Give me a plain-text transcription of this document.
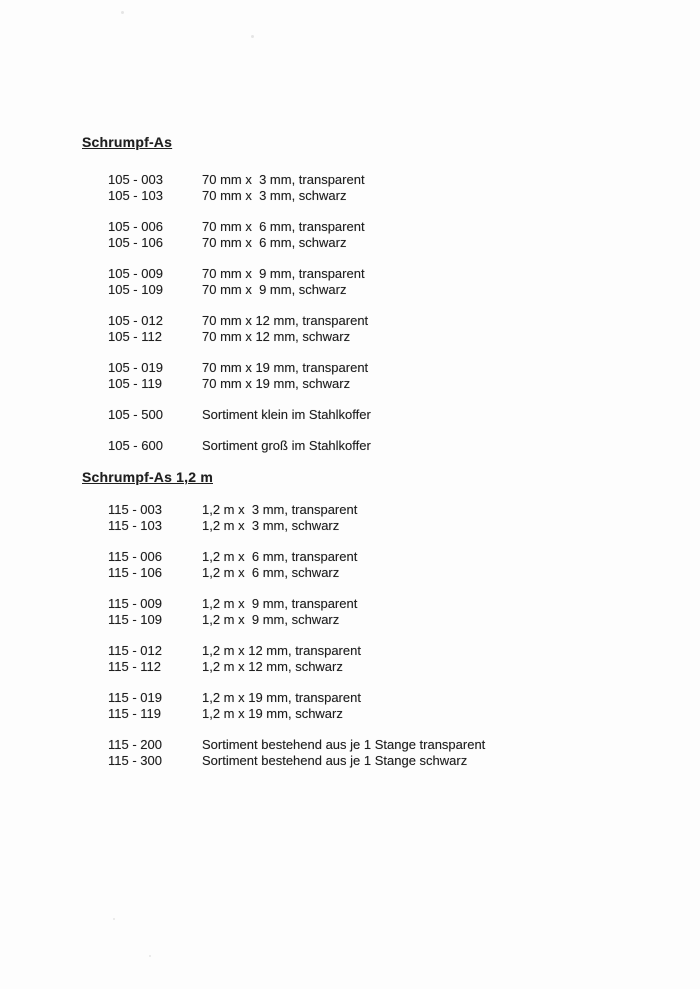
Schrumpf-As
105 - 003	70 mm x  3 mm, transparent
105 - 103	70 mm x  3 mm, schwarz
105 - 006	70 mm x  6 mm, transparent
105 - 106	70 mm x  6 mm, schwarz
105 - 009	70 mm x  9 mm, transparent
105 - 109	70 mm x  9 mm, schwarz
105 - 012	70 mm x 12 mm, transparent
105 - 112	70 mm x 12 mm, schwarz
105 - 019	70 mm x 19 mm, transparent
105 - 119	70 mm x 19 mm, schwarz
105 - 500	Sortiment klein im Stahlkoffer
105 - 600	Sortiment groß im Stahlkoffer
Schrumpf-As 1,2 m
115 - 003	1,2 m x  3 mm, transparent
115 - 103	1,2 m x  3 mm, schwarz
115 - 006	1,2 m x  6 mm, transparent
115 - 106	1,2 m x  6 mm, schwarz
115 - 009	1,2 m x  9 mm, transparent
115 - 109	1,2 m x  9 mm, schwarz
115 - 012	1,2 m x 12 mm, transparent
115 - 112	1,2 m x 12 mm, schwarz
115 - 019	1,2 m x 19 mm, transparent
115 - 119	1,2 m x 19 mm, schwarz
115 - 200	Sortiment bestehend aus je 1 Stange transparent
115 - 300	Sortiment bestehend aus je 1 Stange schwarz
